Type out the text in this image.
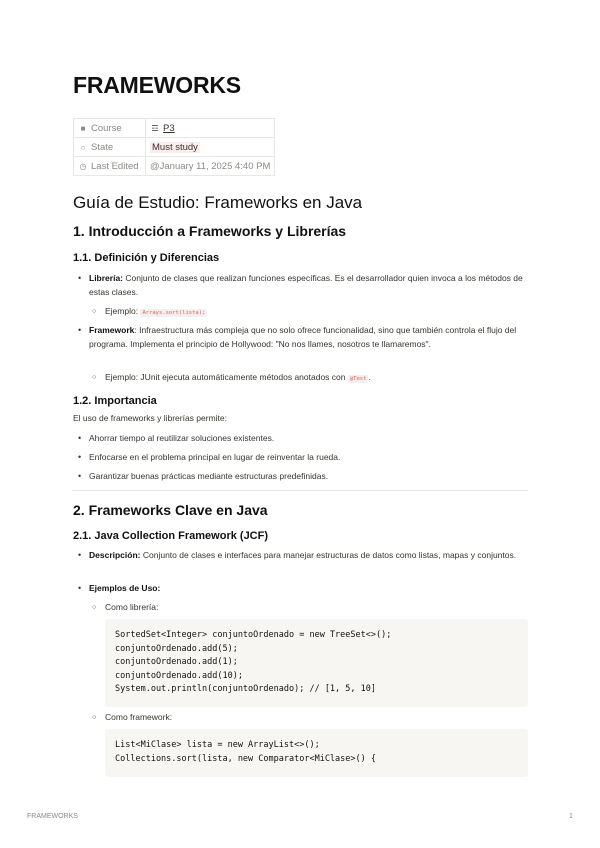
FRAMEWORKS
■ Course	☲ P3
○ State	Must study
◷ Last Edited	@January 11, 2025 4:40 PM
Guía de Estudio: Frameworks en Java
1. Introducción a Frameworks y Librerías
1.1. Definición y Diferencias
• Librería: Conjunto de clases que realizan funciones específicas. Es el desarrollador quien invoca a los métodos de estas clases.
○ Ejemplo: Arrays.sort(lista);
• Framework: Infraestructura más compleja que no solo ofrece funcionalidad, sino que también controla el flujo del programa. Implementa el principio de Hollywood: "No nos llames, nosotros te llamaremos".
○ Ejemplo: JUnit ejecuta automáticamente métodos anotados con @Test .
1.2. Importancia
El uso de frameworks y librerías permite:
• Ahorrar tiempo al reutilizar soluciones existentes.
• Enfocarse en el problema principal en lugar de reinventar la rueda.
• Garantizar buenas prácticas mediante estructuras predefinidas.
2. Frameworks Clave en Java
2.1. Java Collection Framework (JCF)
• Descripción: Conjunto de clases e interfaces para manejar estructuras de datos como listas, mapas y conjuntos.
• Ejemplos de Uso:
○ Como librería:
SortedSet<Integer> conjuntoOrdenado = new TreeSet<>();
conjuntoOrdenado.add(5);
conjuntoOrdenado.add(1);
conjuntoOrdenado.add(10);
System.out.println(conjuntoOrdenado); // [1, 5, 10]
○ Como framework:
List<MiClase> lista = new ArrayList<>();
Collections.sort(lista, new Comparator<MiClase>() {
FRAMEWORKS	1
